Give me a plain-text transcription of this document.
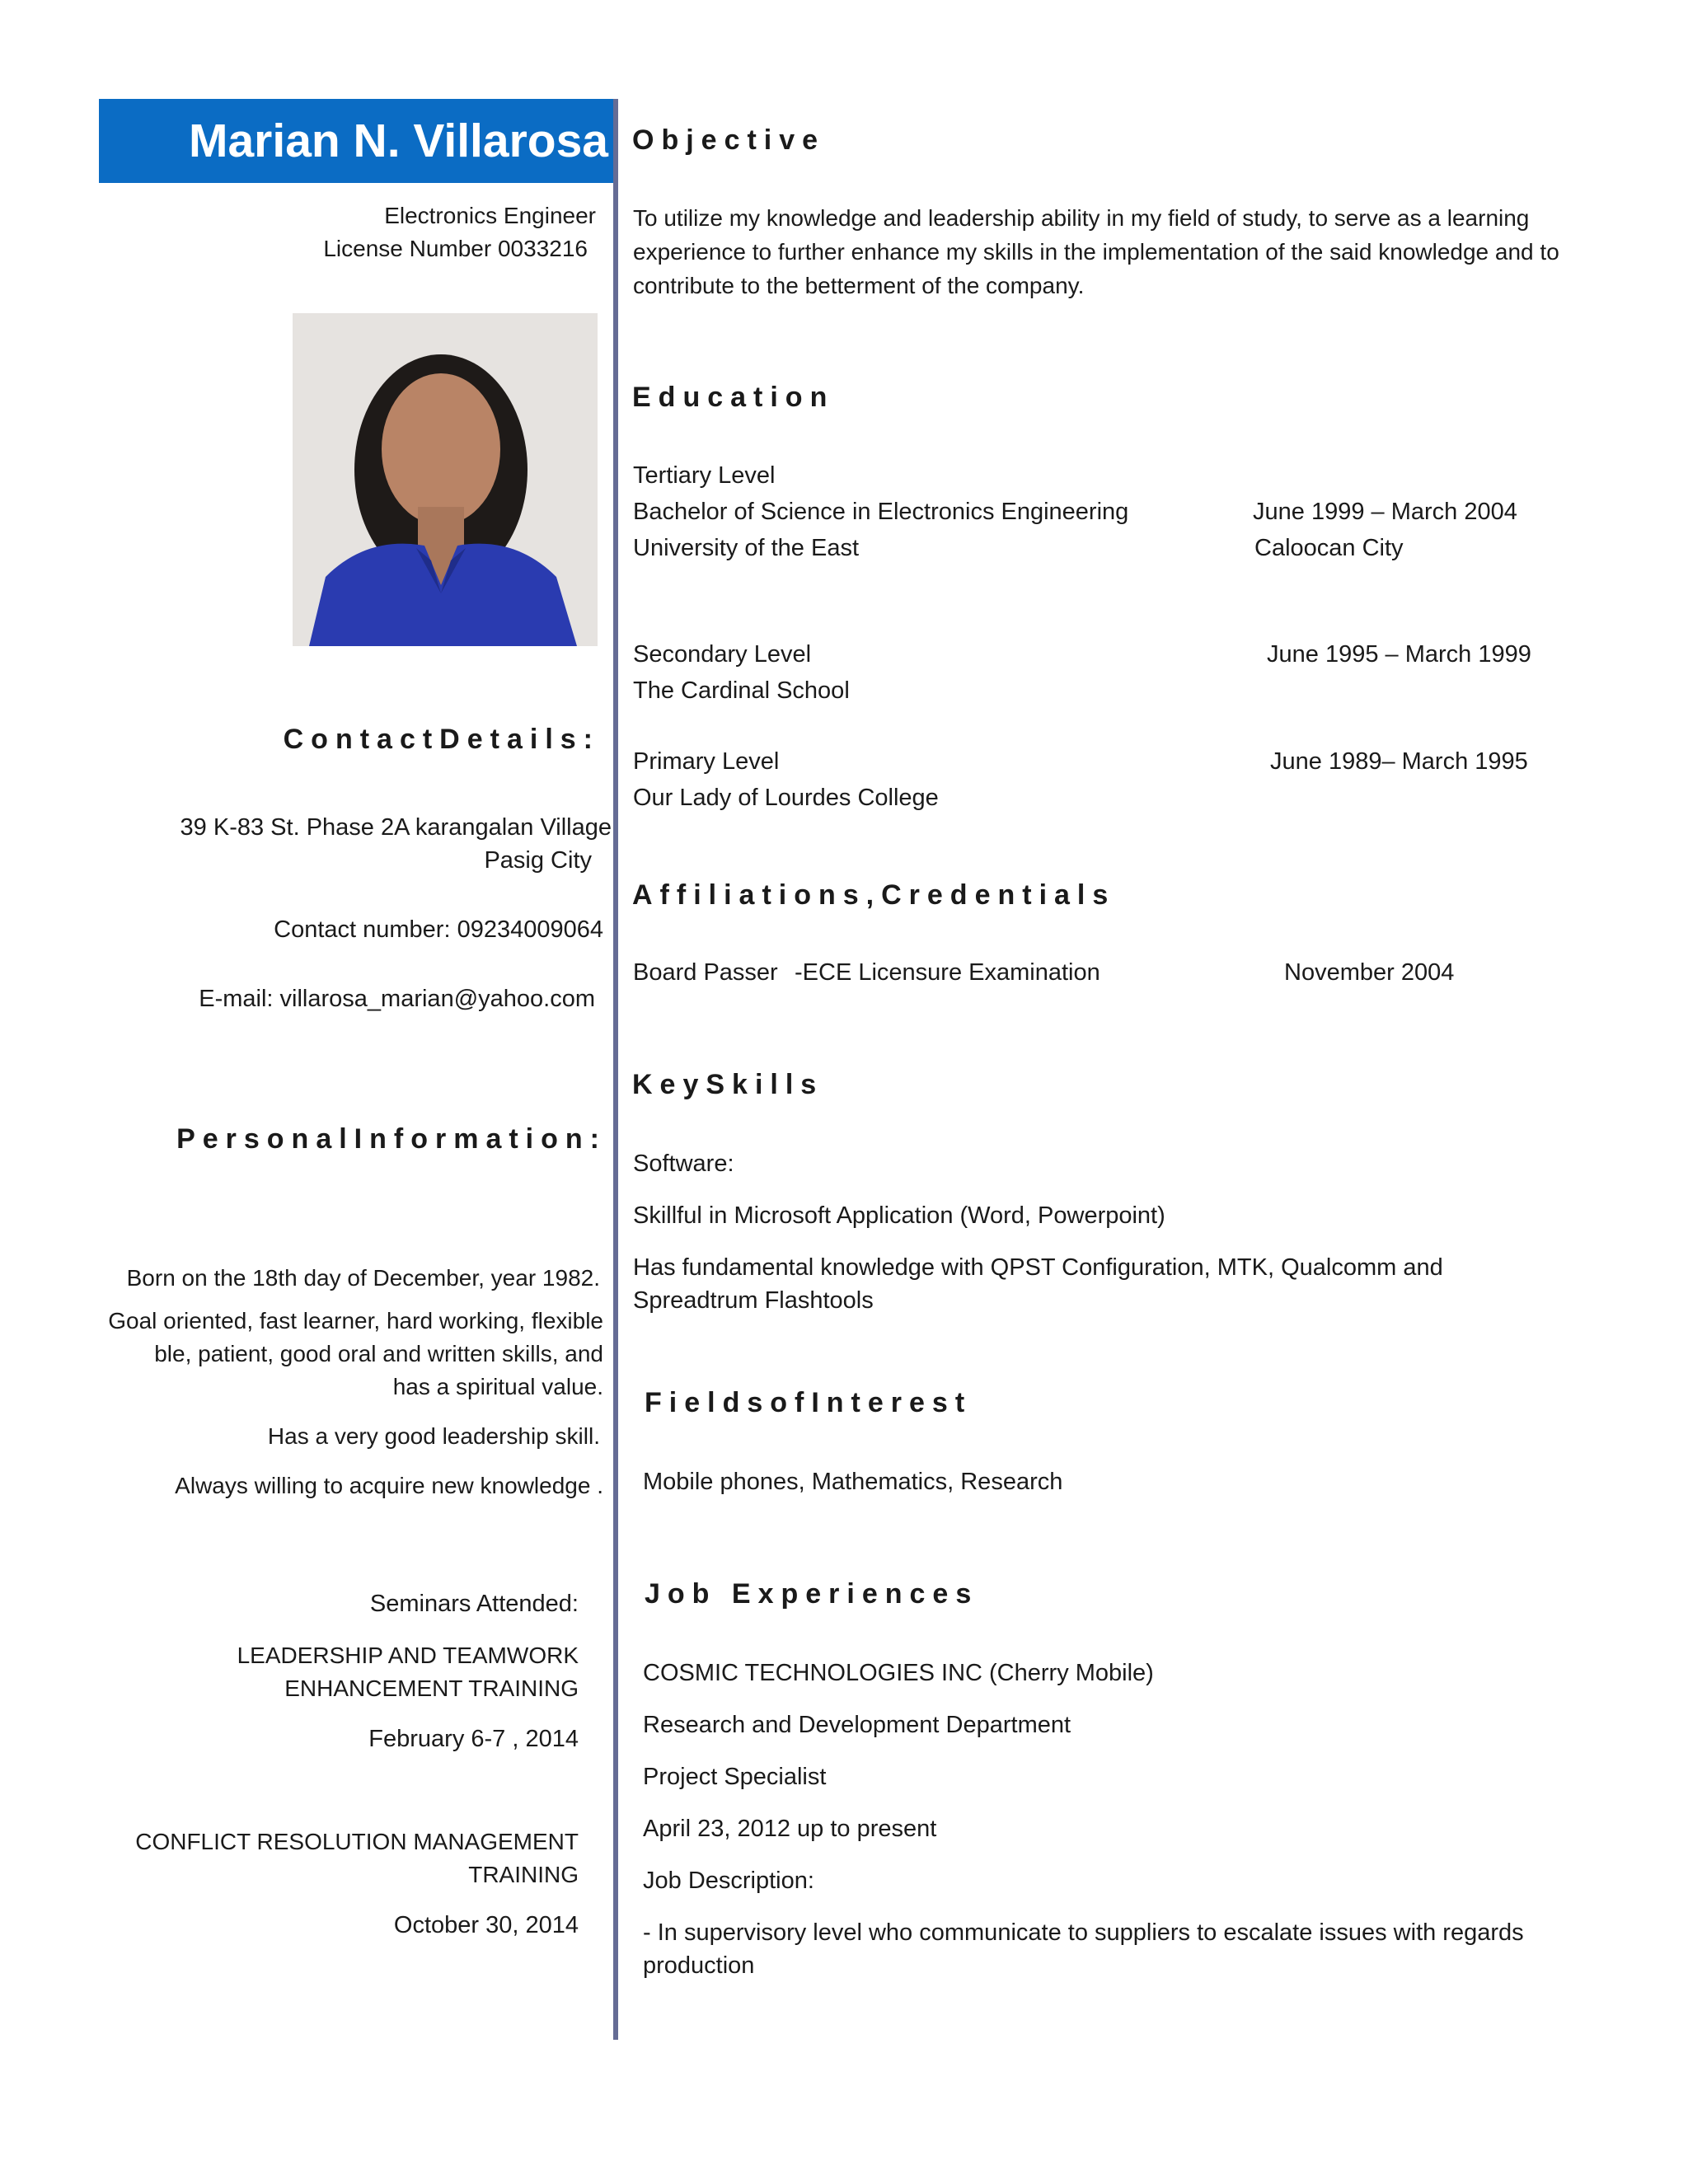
Marian N. Villarosa
Electronics Engineer
License Number 0033216
ContactDetails:
39 K-83 St. Phase 2A karangalan Village
Pasig City
Contact number: 09234009064
E-mail: villarosa_marian@yahoo.com
PersonalInformation:
Born on the 18th day of December, year 1982.
Goal oriented, fast learner, hard working, flexible
ble, patient, good oral and written skills, and
has a spiritual value.
Has a very good leadership skill.
Always willing to acquire new knowledge .
Seminars Attended:
LEADERSHIP AND TEAMWORK
ENHANCEMENT TRAINING
February 6-7 , 2014
CONFLICT RESOLUTION MANAGEMENT
TRAINING
October 30, 2014
Objective
To utilize my knowledge and leadership ability in my field of study, to serve as a learning
experience to further enhance my skills in the implementation of the said knowledge and to
contribute to the betterment of the company.
Education
Tertiary Level
Bachelor of Science in Electronics Engineering	June 1999 – March 2004
University of the East	Caloocan City
Secondary Level	June 1995 – March 1999
The Cardinal School
Primary Level	June 1989– March 1995
Our Lady of Lourdes College
Affiliations,Credentials
Board Passer -ECE Licensure Examination	November 2004
KeySkills
Software:
Skillful in Microsoft Application (Word, Powerpoint)
Has fundamental knowledge with QPST Configuration, MTK, Qualcomm and
Spreadtrum Flashtools
FieldsofInterest
Mobile phones, Mathematics, Research
Job Experiences
COSMIC TECHNOLOGIES INC (Cherry Mobile)
Research and Development Department
Project Specialist
April 23, 2012 up to present
Job Description:
- In supervisory level who communicate to suppliers to escalate issues with regards
production
